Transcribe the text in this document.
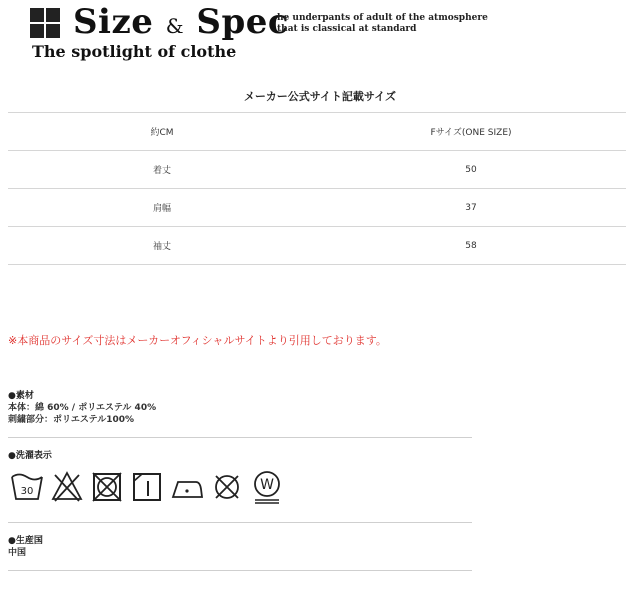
Size & Spec
he underpants of adult of the atmosphere
that is classical at standard
The spotlight of clothe
メーカー公式サイト記載サイズ
約CM	Fサイズ(ONE SIZE)
着丈	50
肩幅	37
袖丈	58
※本商品のサイズ寸法はメーカーオフィシャルサイトより引用しております。
●素材
本体：綿 60% / ポリエステル 40%
刺繍部分：ポリエステル100%
●洗濯表示
30	W
●生産国
中国
